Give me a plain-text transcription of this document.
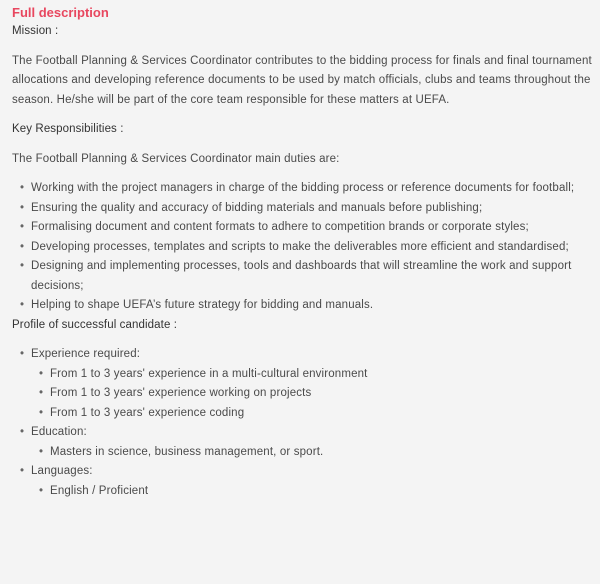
Full description
Mission :

The Football Planning & Services Coordinator contributes to the bidding process for finals and final tournament allocations and developing reference documents to be used by match officials, clubs and teams throughout the season. He/she will be part of the core team responsible for these matters at UEFA.

Key Responsibilities :

The Football Planning & Services Coordinator main duties are:

• Working with the project managers in charge of the bidding process or reference documents for football;
• Ensuring the quality and accuracy of bidding materials and manuals before publishing;
• Formalising document and content formats to adhere to competition brands or corporate styles;
• Developing processes, templates and scripts to make the deliverables more efficient and standardised;
• Designing and implementing processes, tools and dashboards that will streamline the work and support decisions;
• Helping to shape UEFA’s future strategy for bidding and manuals.
Profile of successful candidate :
• Experience required:
• From 1 to 3 years' experience in a multi-cultural environment
• From 1 to 3 years' experience working on projects
• From 1 to 3 years' experience coding
• Education:
• Masters in science, business management, or sport.
• Languages:
• English / Proficient
